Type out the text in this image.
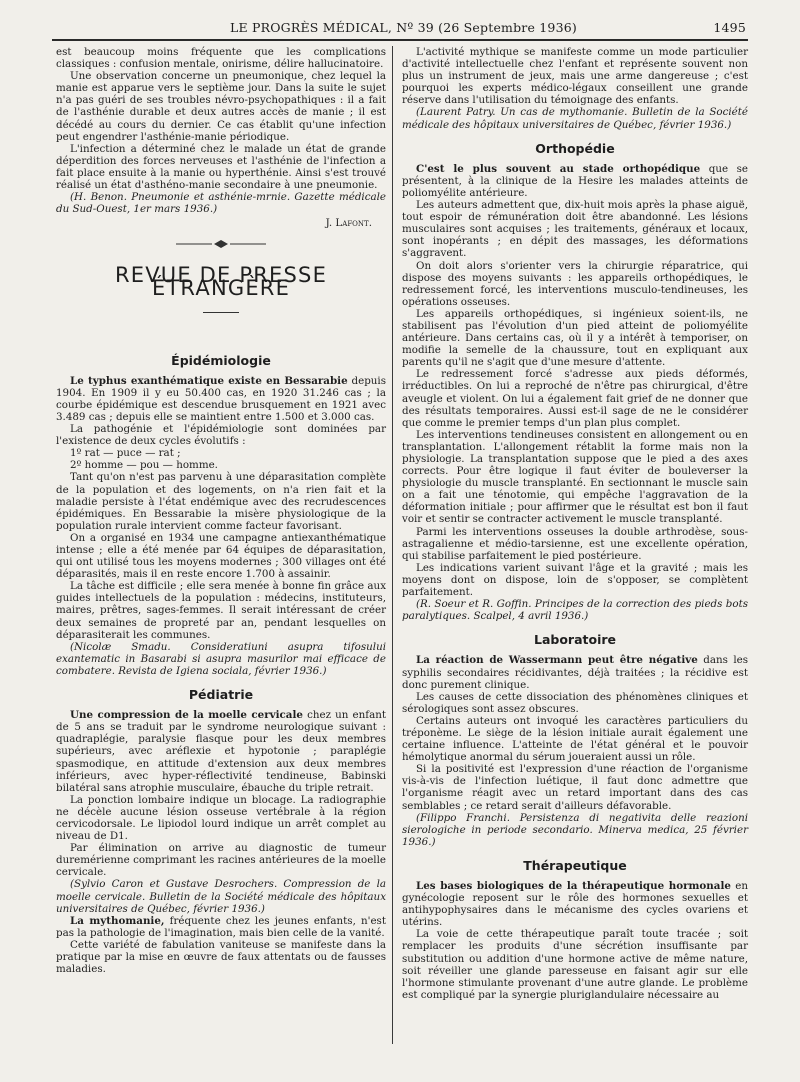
LE PROGRÈS MÉDICAL, Nº 39 (26 Septembre 1936)	1495

est beaucoup moins fréquente que les complications classiques : confusion mentale, onirisme, délire hallucinatoire.

Une observation concerne un pneumonique, chez lequel la manie est apparue vers le septième jour. Dans la suite le sujet n'a pas guéri de ses troubles névro-psychopathiques : il a fait de l'asthénie durable et deux autres accès de manie ; il est décédé au cours du dernier. Ce cas établit qu'une infection peut engendrer l'asthénie-manie périodique.

L'infection a déterminé chez le malade un état de grande déperdition des forces nerveuses et l'asthénie de l'infection a fait place ensuite à la manie ou hyperthénie. Ainsi s'est trouvé réalisé un état d'asthéno-manie secondaire à une pneumonie.

(H. Benon. Pneumonie et asthénie-mrnie. Gazette médicale du Sud-Ouest, 1er mars 1936.)

J. Lafont.
REVUE DE PRESSE ÉTRANGÈRE
Épidémiologie

Le typhus exanthématique existe en Bessarabie depuis 1904. En 1909 il y eu 50.400 cas, en 1920 31.246 cas ; la courbe épidémique est descendue brusquement en 1921 avec 3.489 cas ; depuis elle se maintient entre 1.500 et 3.000 cas.

La pathogénie et l'épidémiologie sont dominées par l'existence de deux cycles évolutifs :

1º rat — puce — rat ;

2º homme — pou — homme.

Tant qu'on n'est pas parvenu à une déparasitation complète de la population et des logements, on n'a rien fait et la maladie persiste à l'état endémique avec des recrudescences épidémiques. En Bessarabie la misère physiologique de la population rurale intervient comme facteur favorisant.

On a organisé en 1934 une campagne antiexanthématique intense ; elle a été menée par 64 équipes de déparasitation, qui ont utilisé tous les moyens modernes ; 300 villages ont été déparasités, mais il en reste encore 1.700 à assainir.

La tâche est difficile ; elle sera menée à bonne fin grâce aux guides intellectuels de la population : médecins, instituteurs, maires, prêtres, sages-femmes. Il serait intéressant de créer deux semaines de propreté par an, pendant lesquelles on déparasiterait les communes.

(Nicolæ Smadu. Consideratiuni asupra tifosului exantematic in Basarabi si asupra masurilor mai efficace de combatere. Revista de Igiena sociala, février 1936.)

Pédiatrie

Une compression de la moelle cervicale chez un enfant de 5 ans se traduit par le syndrome neurologique suivant : quadraplégie, paralysie flasque pour les deux membres supérieurs, avec aréflexie et hypotonie ; paraplégie spasmodique, en attitude d'extension aux deux membres inférieurs, avec hyper-réflectivité tendineuse, Babinski bilatéral sans atrophie musculaire, ébauche du triple retrait.

La ponction lombaire indique un blocage. La radiographie ne décèle aucune lésion osseuse vertébrale à la région cervicodorsale. Le lipiodol lourd indique un arrêt complet au niveau de D1.

Par élimination on arrive au diagnostic de tumeur duremérienne comprimant les racines antérieures de la moelle cervicale.

(Sylvio Caron et Gustave Desrochers. Compression de la moelle cervicale. Bulletin de la Société médicale des hôpitaux universitaires de Québec, février 1936.)

La mythomanie, fréquente chez les jeunes enfants, n'est pas la pathologie de l'imagination, mais bien celle de la vanité.

Cette variété de fabulation vaniteuse se manifeste dans la pratique par la mise en œuvre de faux attentats ou de fausses maladies.

L'activité mythique se manifeste comme un mode particulier d'activité intellectuelle chez l'enfant et représente souvent non plus un instrument de jeux, mais une arme dangereuse ; c'est pourquoi les experts médico-légaux conseillent une grande réserve dans l'utilisation du témoignage des enfants.

(Laurent Patry. Un cas de mythomanie. Bulletin de la Société médicale des hôpitaux universitaires de Québec, février 1936.)

Orthopédie

C'est le plus souvent au stade orthopédique que se présentent, à la clinique de la Hesire les malades atteints de poliomyélite antérieure.

Les auteurs admettent que, dix-huit mois après la phase aiguë, tout espoir de rémunération doit être abandonné. Les lésions musculaires sont acquises ; les traitements, généraux et locaux, sont inopérants ; en dépit des massages, les déformations s'aggravent.

On doit alors s'orienter vers la chirurgie réparatrice, qui dispose des moyens suivants : les appareils orthopédiques, le redressement forcé, les interventions musculo-tendineuses, les opérations osseuses.

Les appareils orthopédiques, si ingénieux soient-ils, ne stabilisent pas l'évolution d'un pied atteint de poliomyélite antérieure. Dans certains cas, où il y a intérêt à temporiser, on modifie la semelle de la chaussure, tout en expliquant aux parents qu'il ne s'agit que d'une mesure d'attente.

Le redressement forcé s'adresse aux pieds déformés, irréductibles. On lui a reproché de n'être pas chirurgical, d'être aveugle et violent. On lui a également fait grief de ne donner que des résultats temporaires. Aussi est-il sage de ne le considérer que comme le premier temps d'un plan plus complet.

Les interventions tendineuses consistent en allongement ou en transplantation. L'allongement rétablit la forme mais non la physiologie. La transplantation suppose que le pied a des axes corrects. Pour être logique il faut éviter de bouleverser la physiologie du muscle transplanté. En sectionnant le muscle sain on a fait une ténotomie, qui empêche l'aggravation de la déformation initiale ; pour affirmer que le résultat est bon il faut voir et sentir se contracter activement le muscle transplanté.

Parmi les interventions osseuses la double arthrodèse, sous-astragalienne et médio-tarsienne, est une excellente opération, qui stabilise parfaitement le pied postérieure.

Les indications varient suivant l'âge et la gravité ; mais les moyens dont on dispose, loin de s'opposer, se complètent parfaitement.

(R. Soeur et R. Goffin. Principes de la correction des pieds bots paralytiques. Scalpel, 4 avril 1936.)

Laboratoire

La réaction de Wassermann peut être négative dans les syphilis secondaires récidivantes, déjà traitées ; la récidive est donc purement clinique.

Les causes de cette dissociation des phénomènes cliniques et sérologiques sont assez obscures.

Certains auteurs ont invoqué les caractères particuliers du tréponème. Le siège de la lésion initiale aurait également une certaine influence. L'atteinte de l'état général et le pouvoir hémolytique anormal du sérum joueraient aussi un rôle.

Si la positivité est l'expression d'une réaction de l'organisme vis-à-vis de l'infection luétique, il faut donc admettre que l'organisme réagit avec un retard important dans des cas semblables ; ce retard serait d'ailleurs défavorable.

(Filippo Franchi. Persistenza di negativita delle reazioni sierologiche in periode secondario. Minerva medica, 25 février 1936.)

Thérapeutique

Les bases biologiques de la thérapeutique hormonale en gynécologie reposent sur le rôle des hormones sexuelles et antihypophysaires dans le mécanisme des cycles ovariens et utérins.

La voie de cette thérapeutique paraît toute tracée ; soit remplacer les produits d'une sécrétion insuffisante par substitution ou addition d'une hormone active de même nature, soit réveiller une glande paresseuse en faisant agir sur elle l'hormone stimulante provenant d'une autre glande. Le problème est compliqué par la synergie pluriglandulaire nécessaire au
